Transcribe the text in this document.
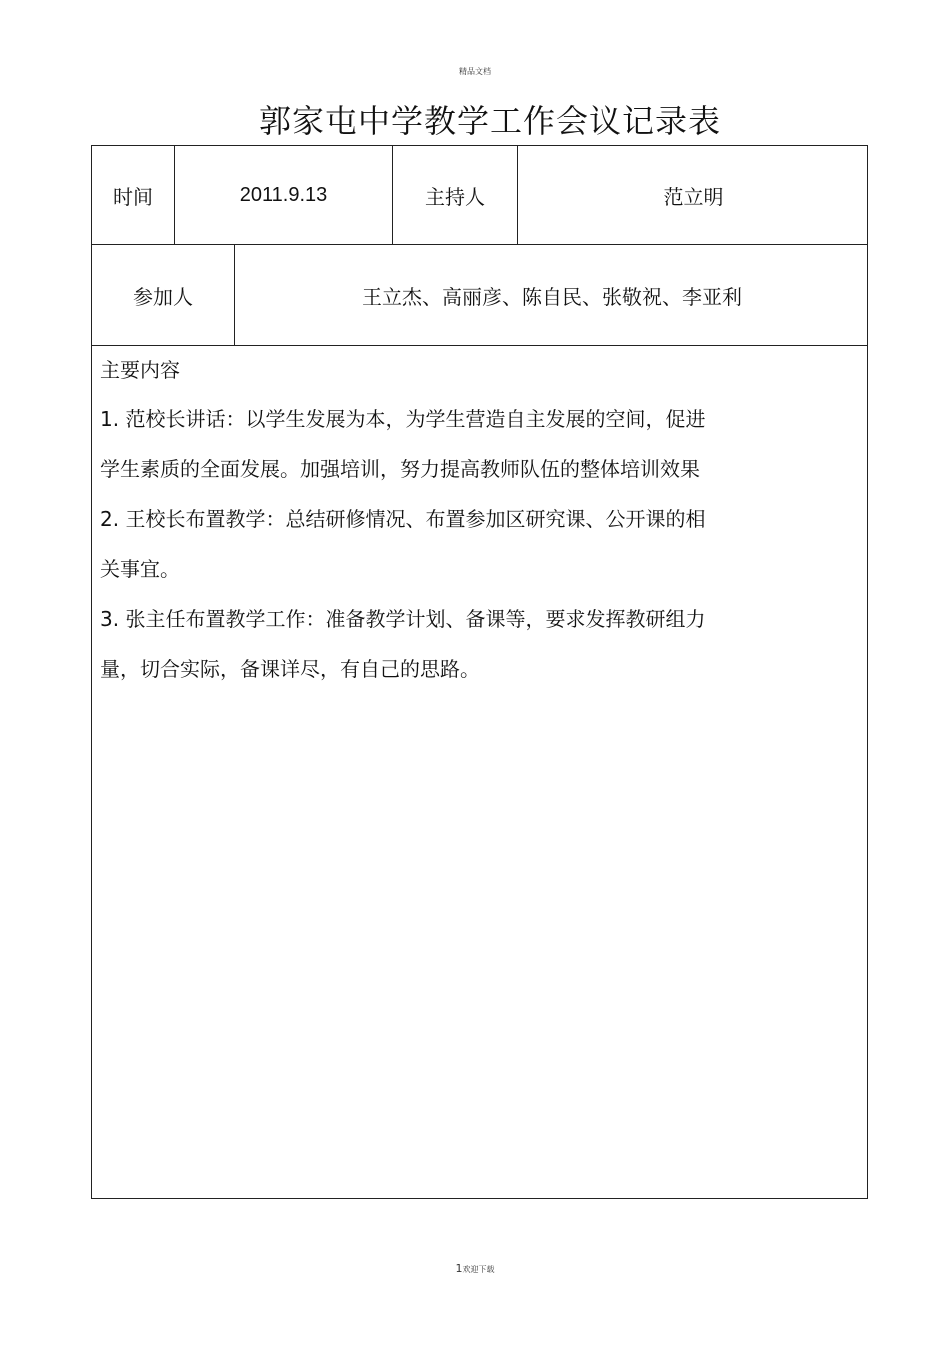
精品文档
郭家屯中学教学工作会议记录表
时间	2011.9.13	主持人	范立明
参加人	王立杰、高丽彦、陈自民、张敬祝、李亚利

主要内容

1. 范校长讲话：以学生发展为本，为学生营造自主发展的空间，促进

学生素质的全面发展。加强培训，努力提高教师队伍的整体培训效果

2. 王校长布置教学：总结研修情况、布置参加区研究课、公开课的相

关事宜。

3. 张主任布置教学工作：准备教学计划、备课等，要求发挥教研组力

量，切合实际，备课详尽，有自己的思路。

1欢迎下载
